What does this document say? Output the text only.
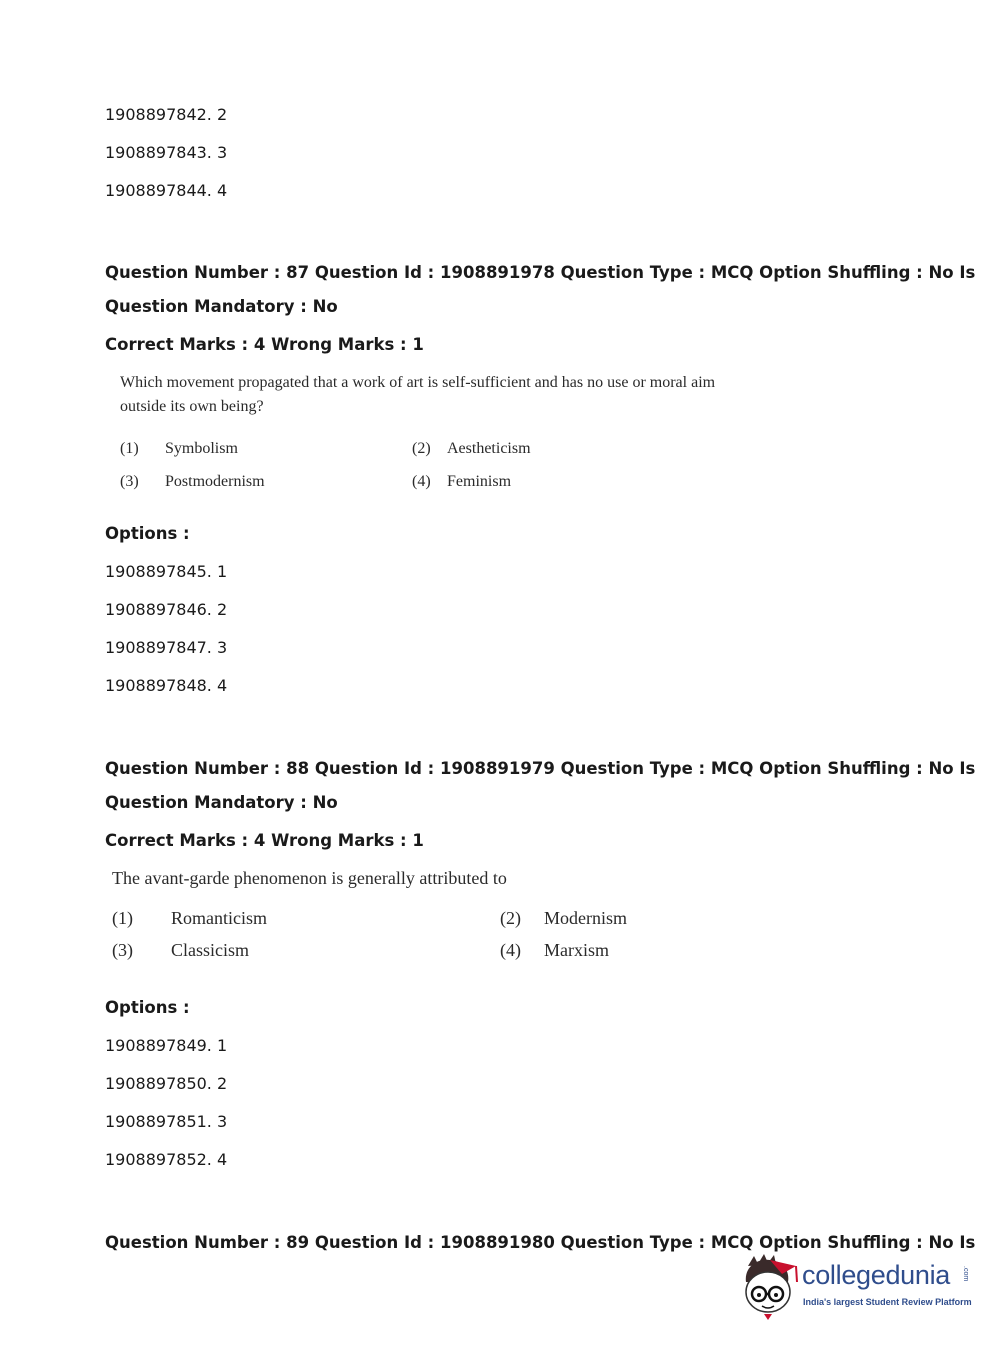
1908897842. 2
1908897843. 3
1908897844. 4
Question Number : 87 Question Id : 1908891978 Question Type : MCQ Option Shuffling : No Is
Question Mandatory : No
Correct Marks : 4 Wrong Marks : 1
Which movement propagated that a work of art is self-sufficient and has no use or moral aim
outside its own being?
(1) Symbolism	(2) Aestheticism
(3) Postmodernism	(4) Feminism
Options :
1908897845. 1
1908897846. 2
1908897847. 3
1908897848. 4
Question Number : 88 Question Id : 1908891979 Question Type : MCQ Option Shuffling : No Is
Question Mandatory : No
Correct Marks : 4 Wrong Marks : 1
The avant-garde phenomenon is generally attributed to
(1) Romanticism	(2) Modernism
(3) Classicism	(4) Marxism
Options :
1908897849. 1
1908897850. 2
1908897851. 3
1908897852. 4
Question Number : 89 Question Id : 1908891980 Question Type : MCQ Option Shuffling : No Is
collegedunia .com
India's largest Student Review Platform
